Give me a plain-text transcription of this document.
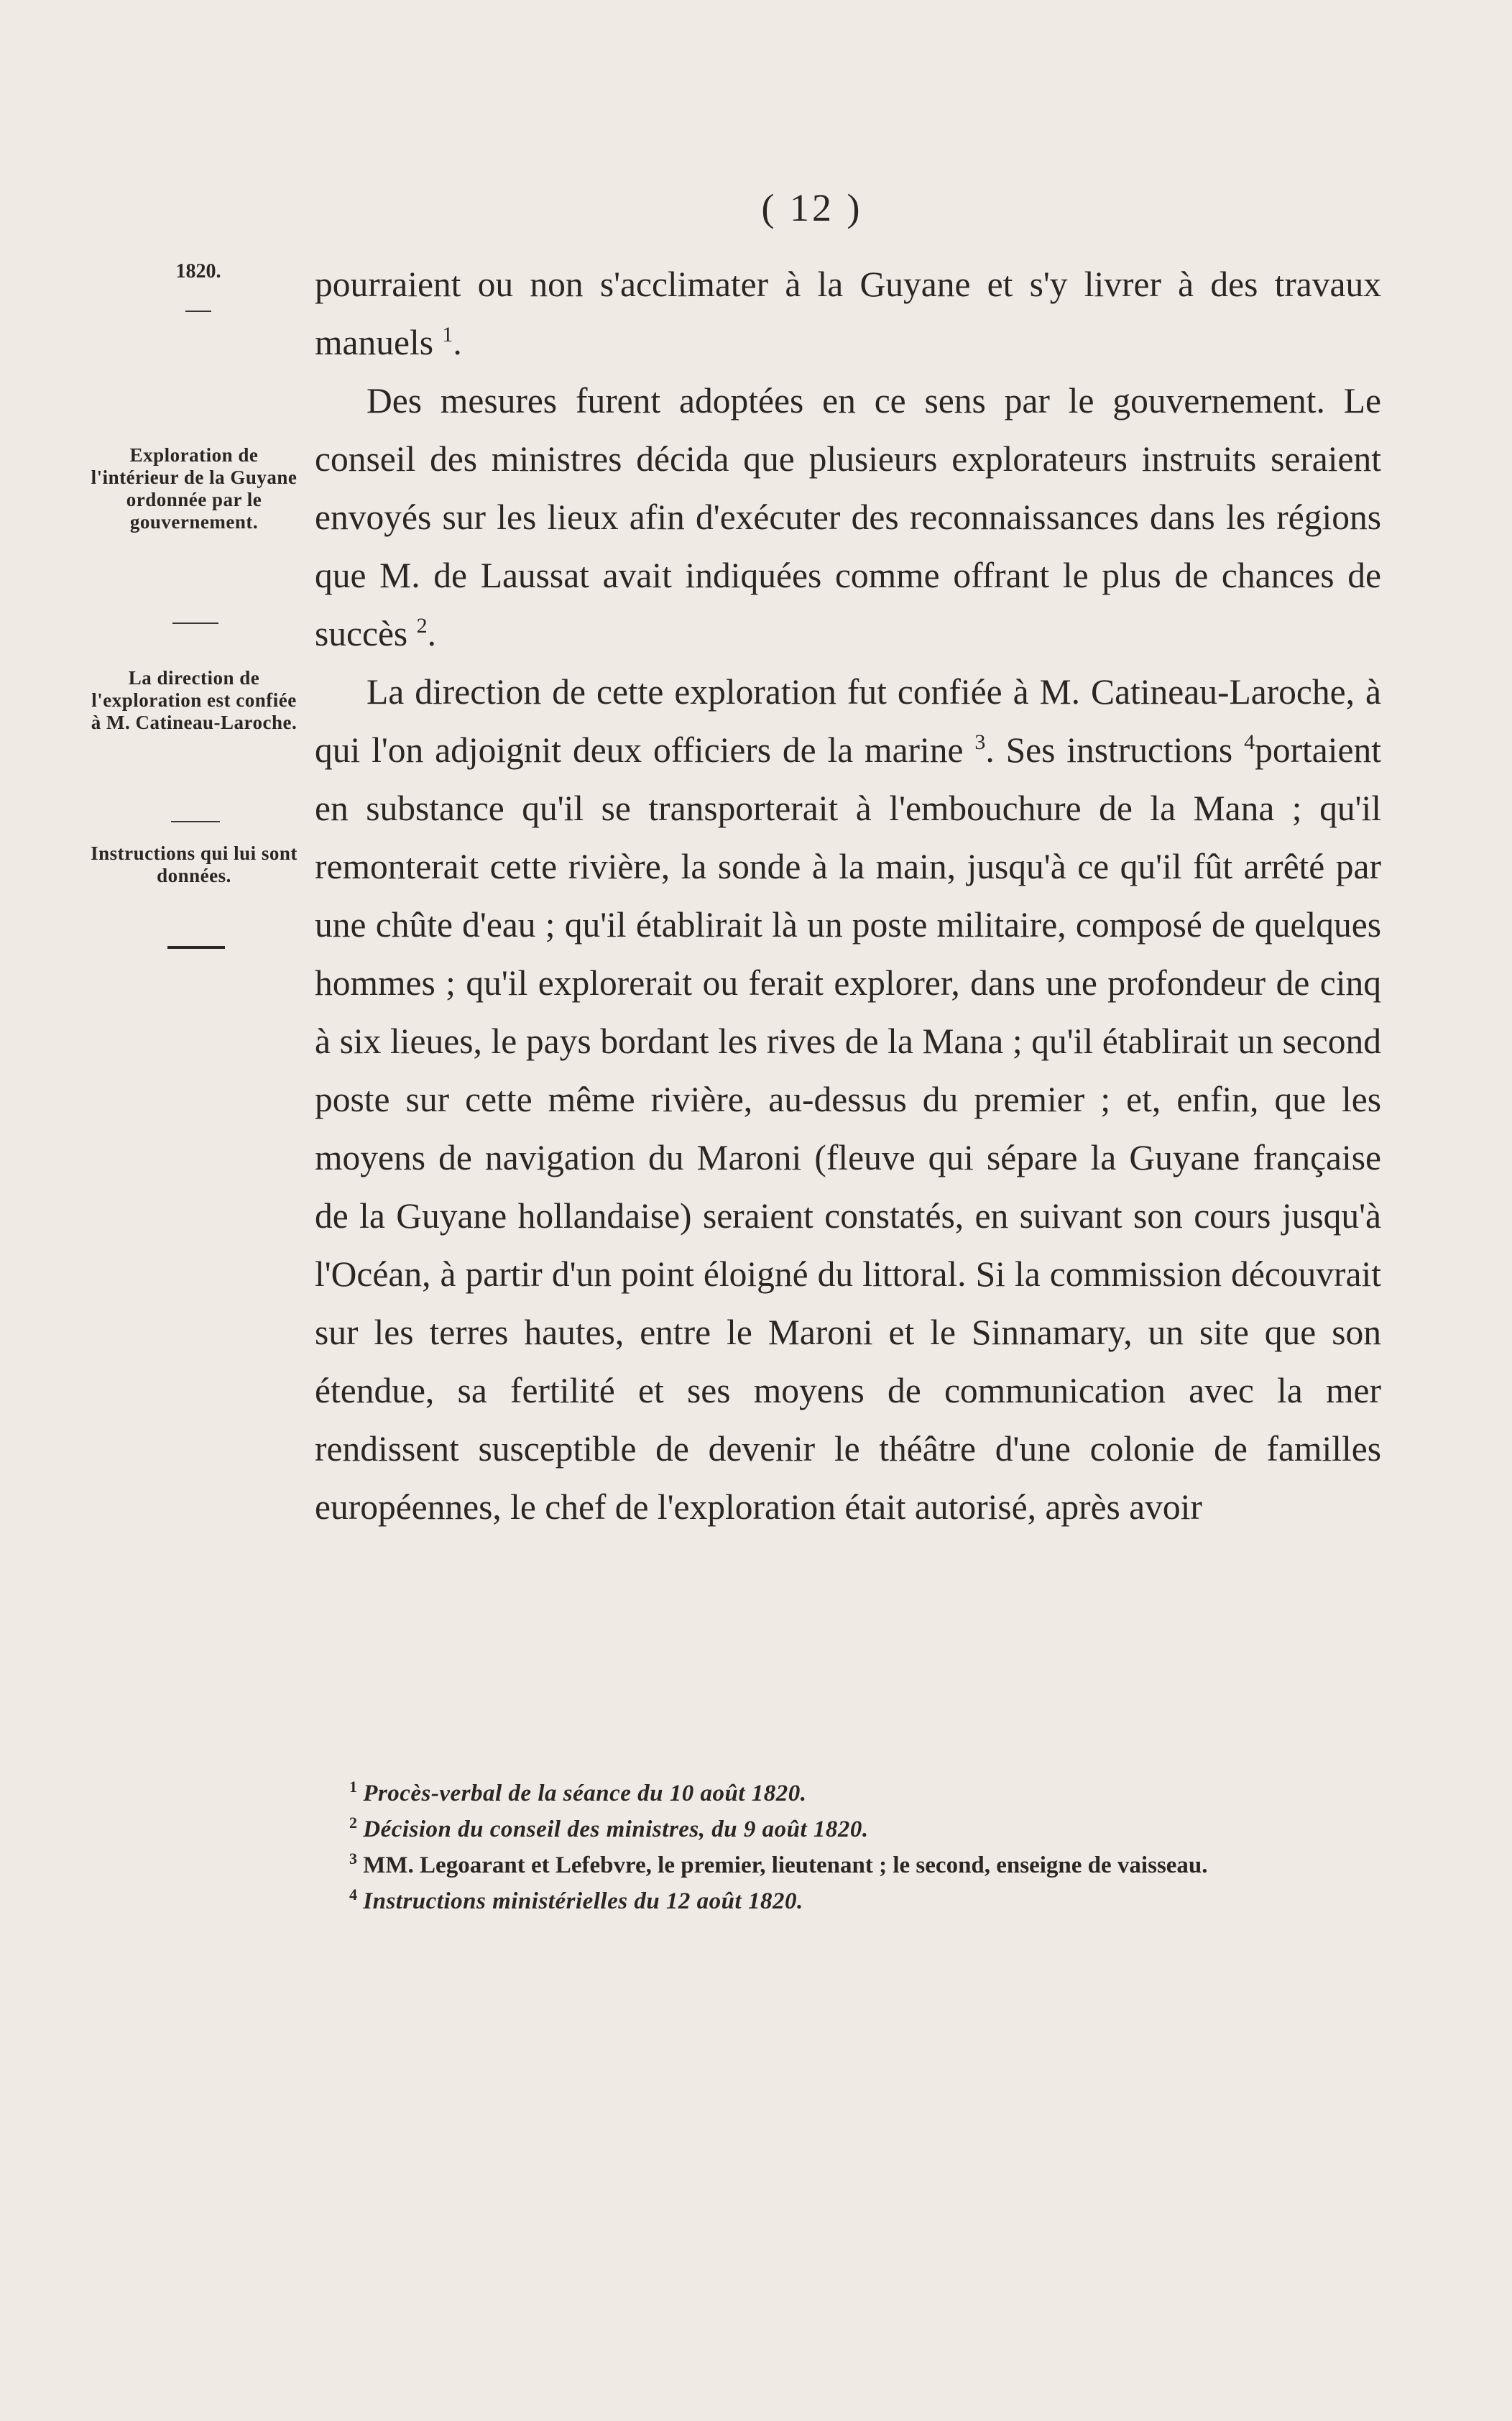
( 12 )
1820.
Exploration de l'intérieur de la Guyane ordonnée par le gouvernement.
La direction de l'exploration est confiée à M. Catineau-Laroche.
Instructions qui lui sont données.

pourraient ou non s'acclimater à la Guyane et s'y livrer à des travaux manuels $^1$.

Des mesures furent adoptées en ce sens par le gouvernement. Le conseil des ministres décida que plusieurs explorateurs instruits seraient envoyés sur les lieux afin d'exécuter des reconnaissances dans les régions que M. de Laussat avait indiquées comme offrant le plus de chances de succès $^2$.

La direction de cette exploration fut confiée à M. Catineau-Laroche, à qui l'on adjoignit deux officiers de la marine $^3$. Ses instructions $^4$portaient en substance qu'il se transporterait à l'embouchure de la Mana ; qu'il remonterait cette rivière, la sonde à la main, jusqu'à ce qu'il fût arrêté par une chûte d'eau ; qu'il établirait là un poste militaire, composé de quelques hommes ; qu'il explorerait ou ferait explorer, dans une profondeur de cinq à six lieues, le pays bordant les rives de la Mana ; qu'il établirait un second poste sur cette même rivière, au-dessus du premier ; et, enfin, que les moyens de navigation du Maroni (fleuve qui sépare la Guyane française de la Guyane hollandaise) seraient constatés, en suivant son cours jusqu'à l'Océan, à partir d'un point éloigné du littoral. Si la commission découvrait sur les terres hautes, entre le Maroni et le Sinnamary, un site que son étendue, sa fertilité et ses moyens de communication avec la mer rendissent susceptible de devenir le théâtre d'une colonie de familles européennes, le chef de l'exploration était autorisé, après avoir

$^1$ Procès-verbal de la séance du 10 août 1820.

$^2$ Décision du conseil des ministres, du 9 août 1820.

$^3$ MM. Legoarant et Lefebvre, le premier, lieutenant ; le second, enseigne de vaisseau.

$^4$ Instructions ministérielles du 12 août 1820.
